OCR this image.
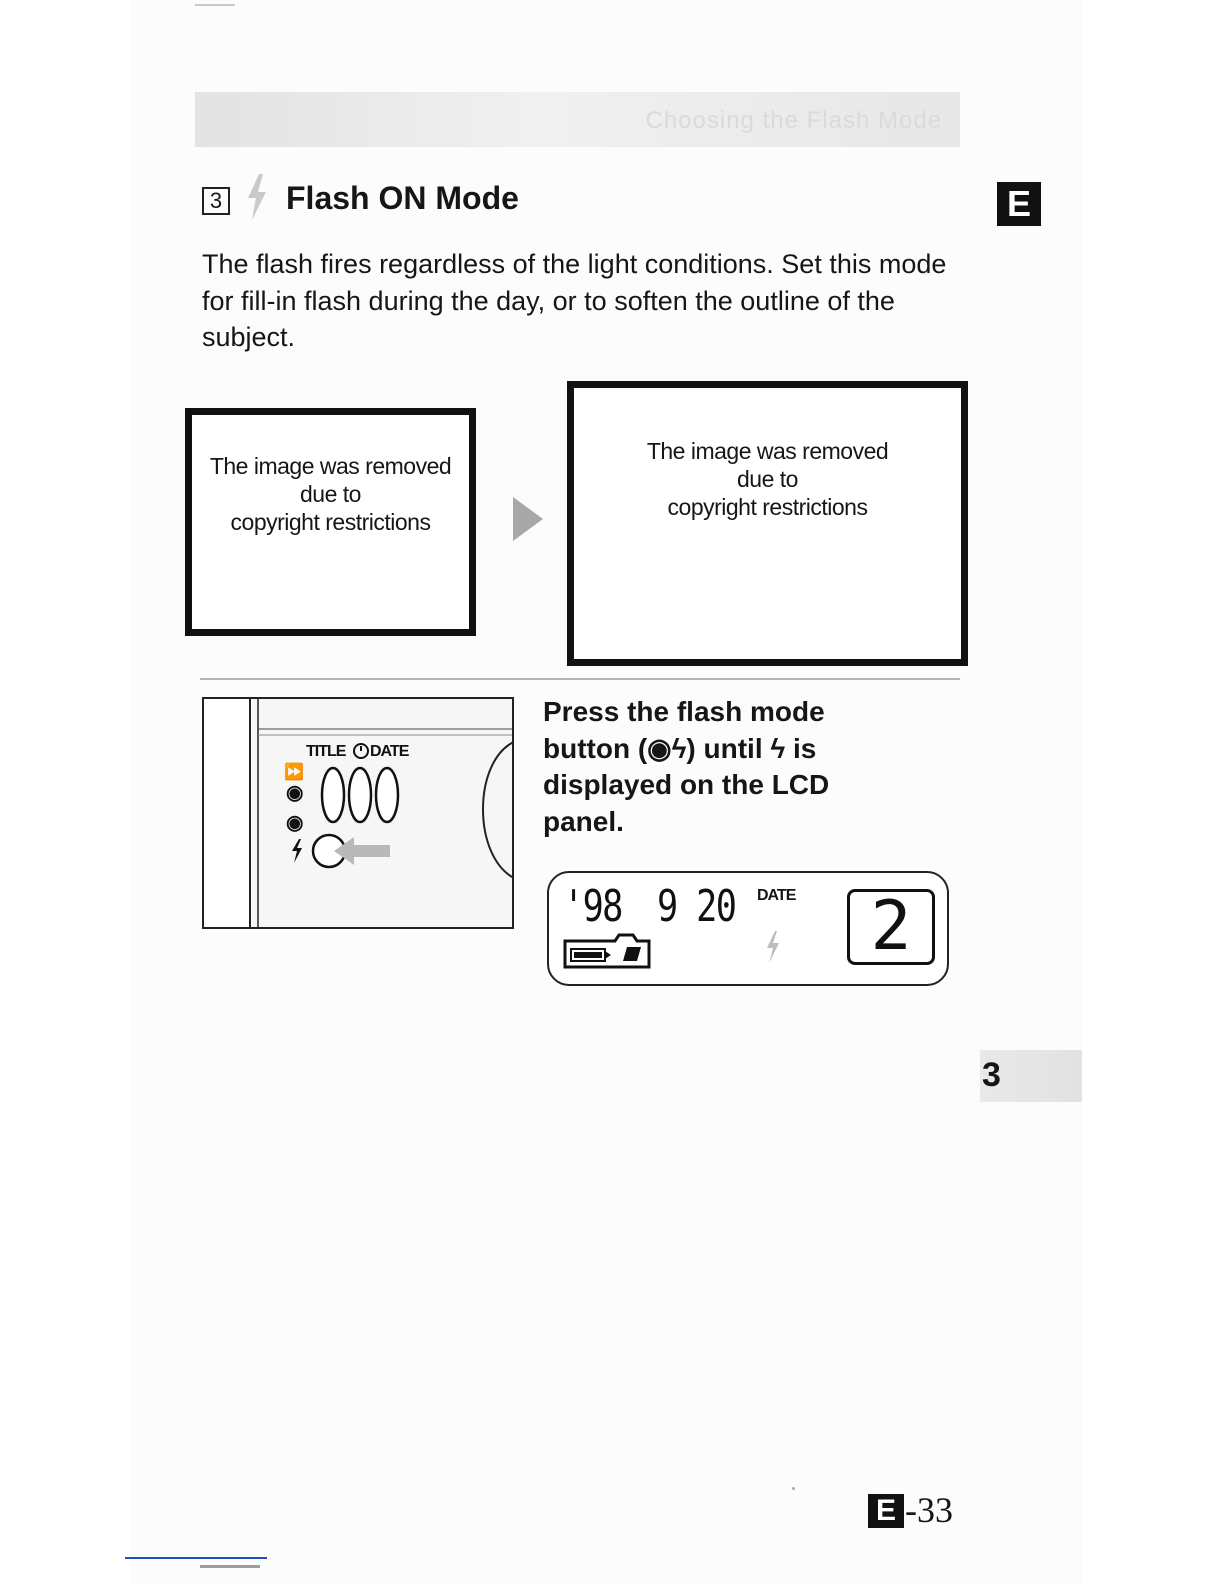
Choosing the Flash Mode
3 Flash ON Mode	E

The flash fires regardless of the light conditions. Set this mode for fill-in flash during the day, or to soften the outline of the subject.

The image was removed
due to
copyright restrictions
The image was removed
due to
copyright restrictions
TITLE DATE
⏩
◉
◉
Press the flash mode
button (◉ϟ) until ϟ is
displayed on the LCD
panel.
'98 9 20 DATE	2
3
E -33
